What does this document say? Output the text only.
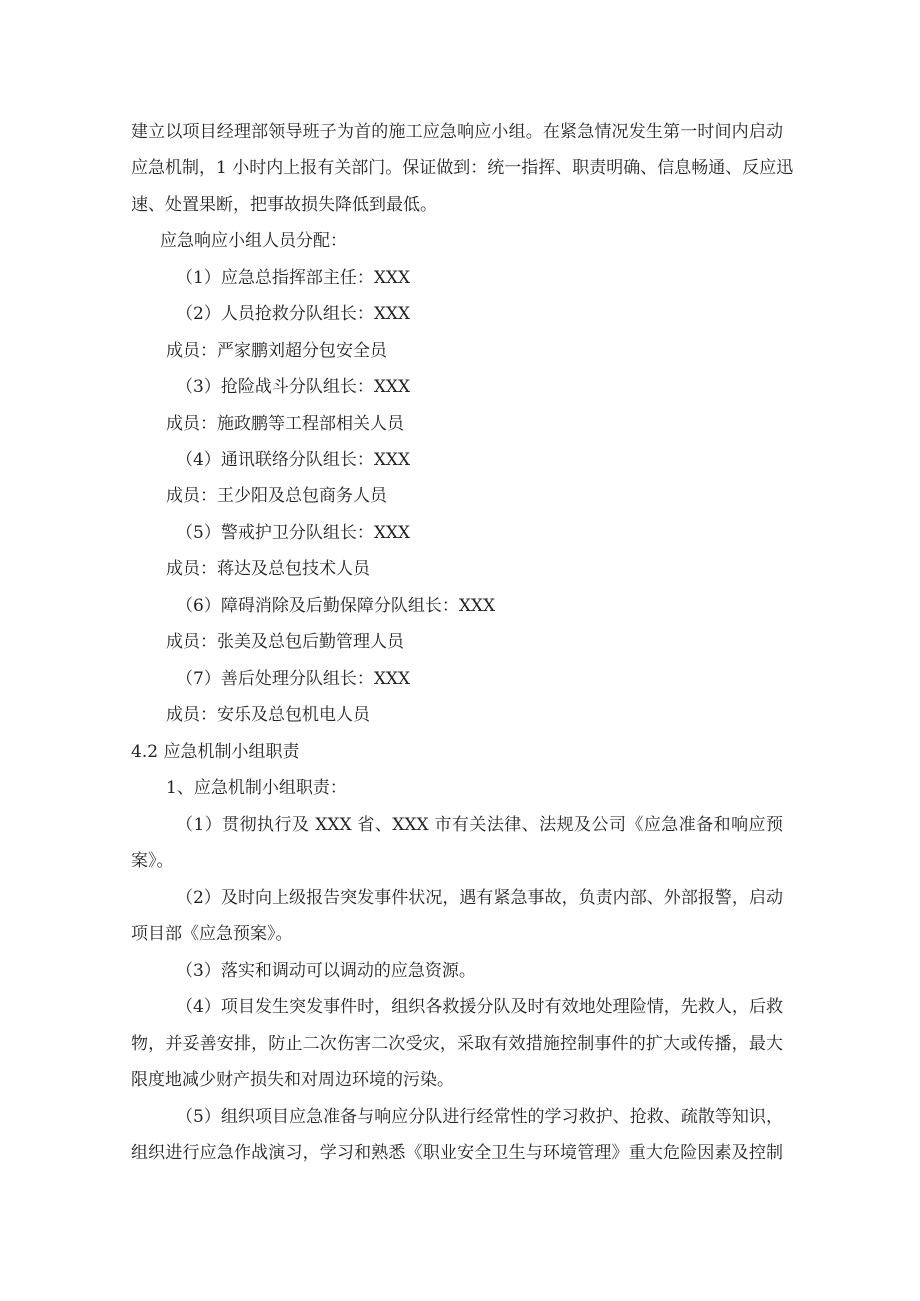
建立以项目经理部领导班子为首的施工应急响应小组。在紧急情况发生第一时间内启动
应急机制，1 小时内上报有关部门。保证做到：统一指挥、职责明确、信息畅通、反应迅
速、处置果断，把事故损失降低到最低。
应急响应小组人员分配：
（1）应急总指挥部主任：XXX
（2）人员抢救分队组长：XXX
成员：严家鹏刘超分包安全员
（3）抢险战斗分队组长：XXX
成员：施政鹏等工程部相关人员
（4）通讯联络分队组长：XXX
成员：王少阳及总包商务人员
（5）警戒护卫分队组长：XXX
成员：蒋达及总包技术人员
（6）障碍消除及后勤保障分队组长：XXX
成员：张美及总包后勤管理人员
（7）善后处理分队组长：XXX
成员：安乐及总包机电人员
4.2 应急机制小组职责
1、应急机制小组职责：
（1）贯彻执行及 XXX 省、XXX 市有关法律、法规及公司《应急准备和响应预
案》。
（2）及时向上级报告突发事件状况，遇有紧急事故，负责内部、外部报警，启动
项目部《应急预案》。
（3）落实和调动可以调动的应急资源。
（4）项目发生突发事件时，组织各救援分队及时有效地处理险情，先救人，后救
物，并妥善安排，防止二次伤害二次受灾，采取有效措施控制事件的扩大或传播，最大
限度地减少财产损失和对周边环境的污染。
（5）组织项目应急准备与响应分队进行经常性的学习救护、抢救、疏散等知识，
组织进行应急作战演习，学习和熟悉《职业安全卫生与环境管理》重大危险因素及控制
